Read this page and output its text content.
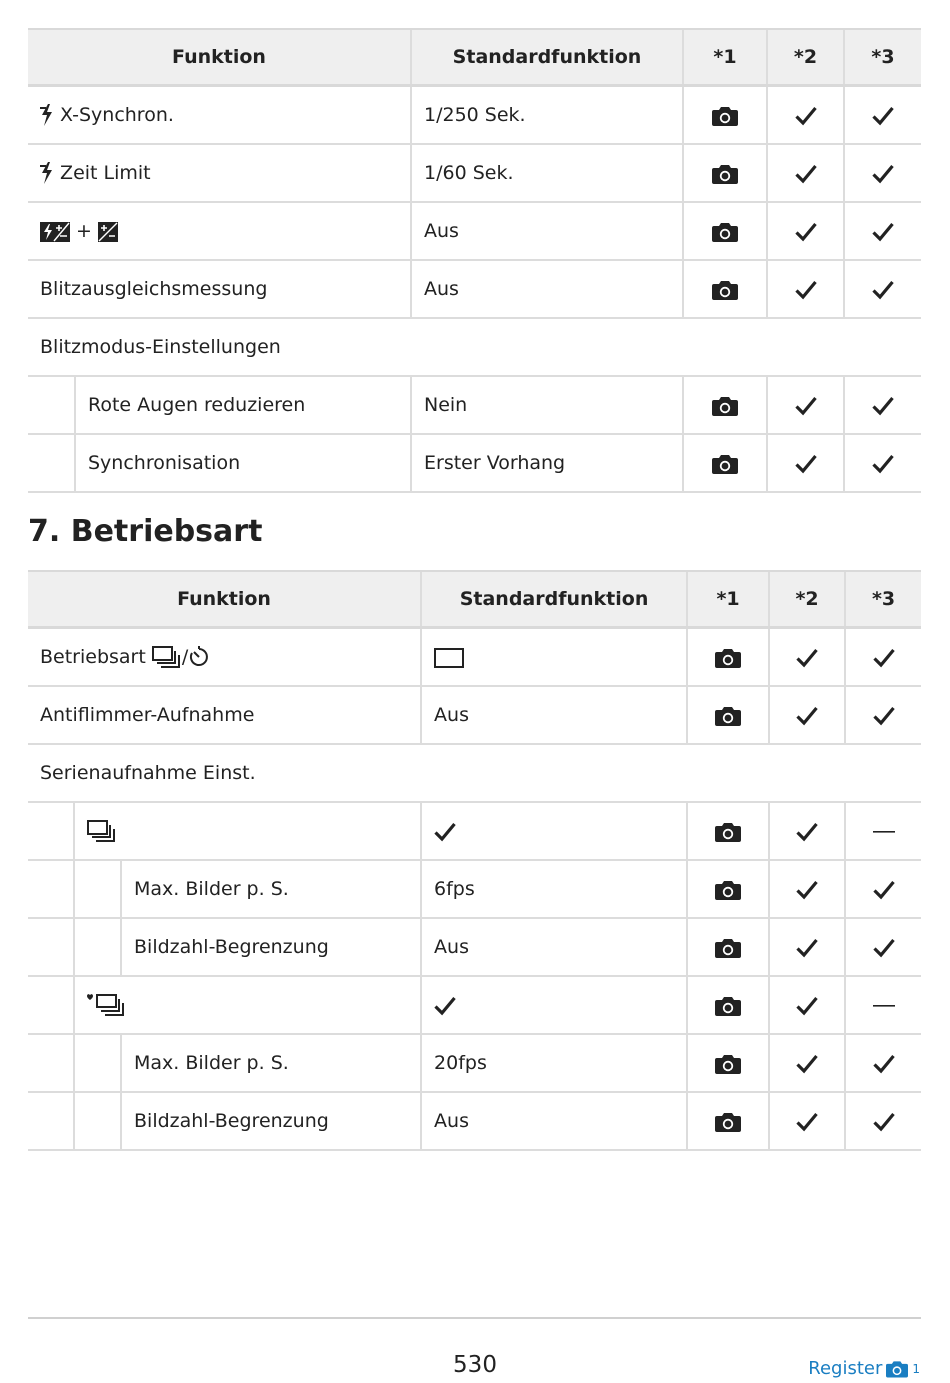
Funktion		Standardfunktion	*1	*2	*3
X-Synchron.		1/250 Sek.			
Zeit Limit		1/60 Sek.			
+		Aus			
Blitzausgleichsmessung		Aus			
Blitzmodus-Einstellungen					
	Rote Augen reduzieren	Nein			
	Synchronisation	Erster Vorhang			
7. Betriebsart
Funktion			Standardfunktion	*1	*2	*3
Betriebsart /				
Antiflimmer-Aufnahme			Aus			
Serienaufnahme Einst.						

		Max. Bilder p. S.	6fps			
		Bildzahl-Begrenzung	Aus			

		Max. Bilder p. S.	20fps			
		Bildzahl-Begrenzung	Aus			
530	Register	1
